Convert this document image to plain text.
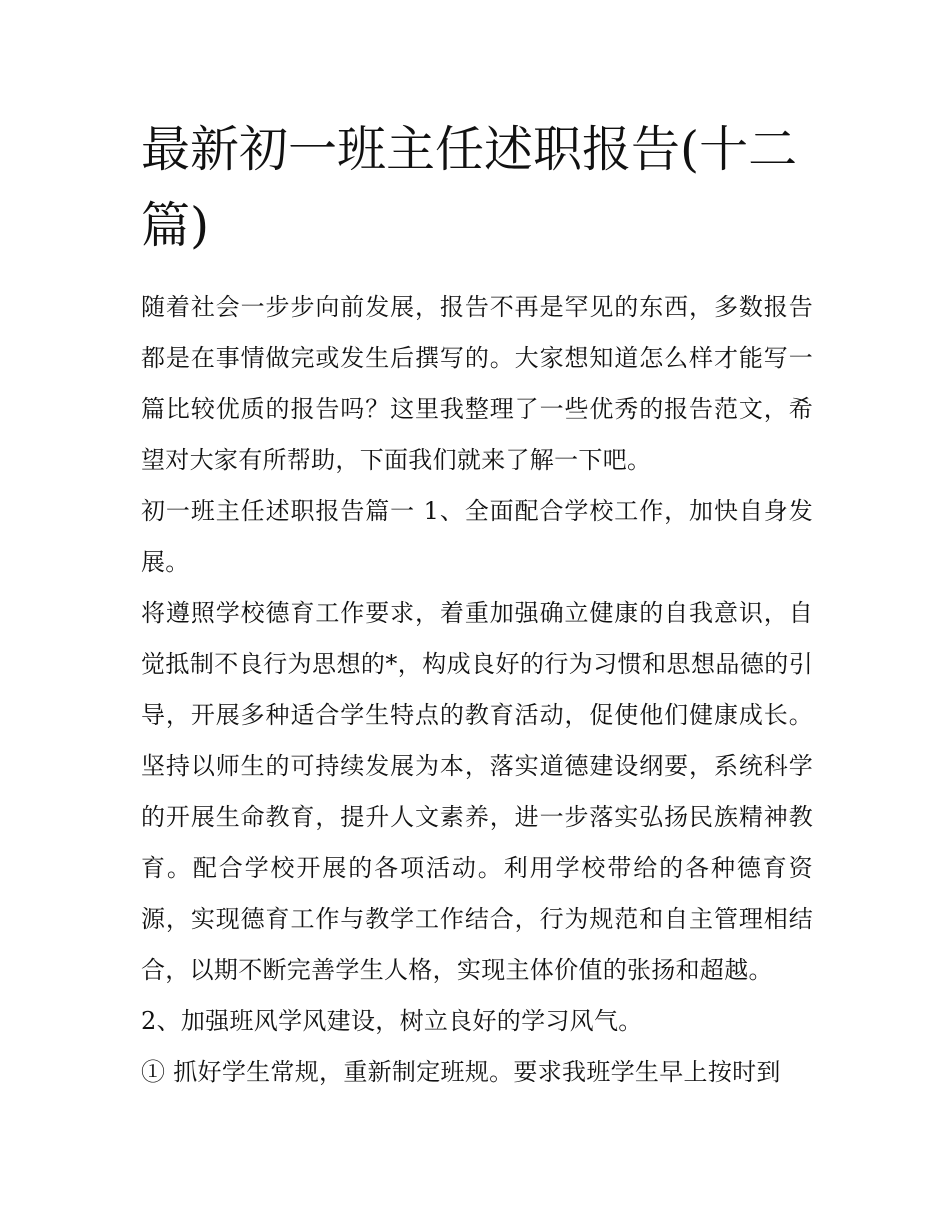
最新初一班主任述职报告(十二篇)

随着社会一步步向前发展，报告不再是罕见的东西，多数报告都是在事情做完或发生后撰写的。大家想知道怎么样才能写一篇比较优质的报告吗？这里我整理了一些优秀的报告范文，希望对大家有所帮助，下面我们就来了解一下吧。

初一班主任述职报告篇一 1、全面配合学校工作，加快自身发展。

将遵照学校德育工作要求，着重加强确立健康的自我意识，自觉抵制不良行为思想的*，构成良好的行为习惯和思想品德的引导，开展多种适合学生特点的教育活动，促使他们健康成长。坚持以师生的可持续发展为本，落实道德建设纲要，系统科学的开展生命教育，提升人文素养，进一步落实弘扬民族精神教育。配合学校开展的各项活动。利用学校带给的各种德育资源，实现德育工作与教学工作结合，行为规范和自主管理相结合，以期不断完善学生人格，实现主体价值的张扬和超越。

2、加强班风学风建设，树立良好的学习风气。

① 抓好学生常规，重新制定班规。要求我班学生早上按时到
